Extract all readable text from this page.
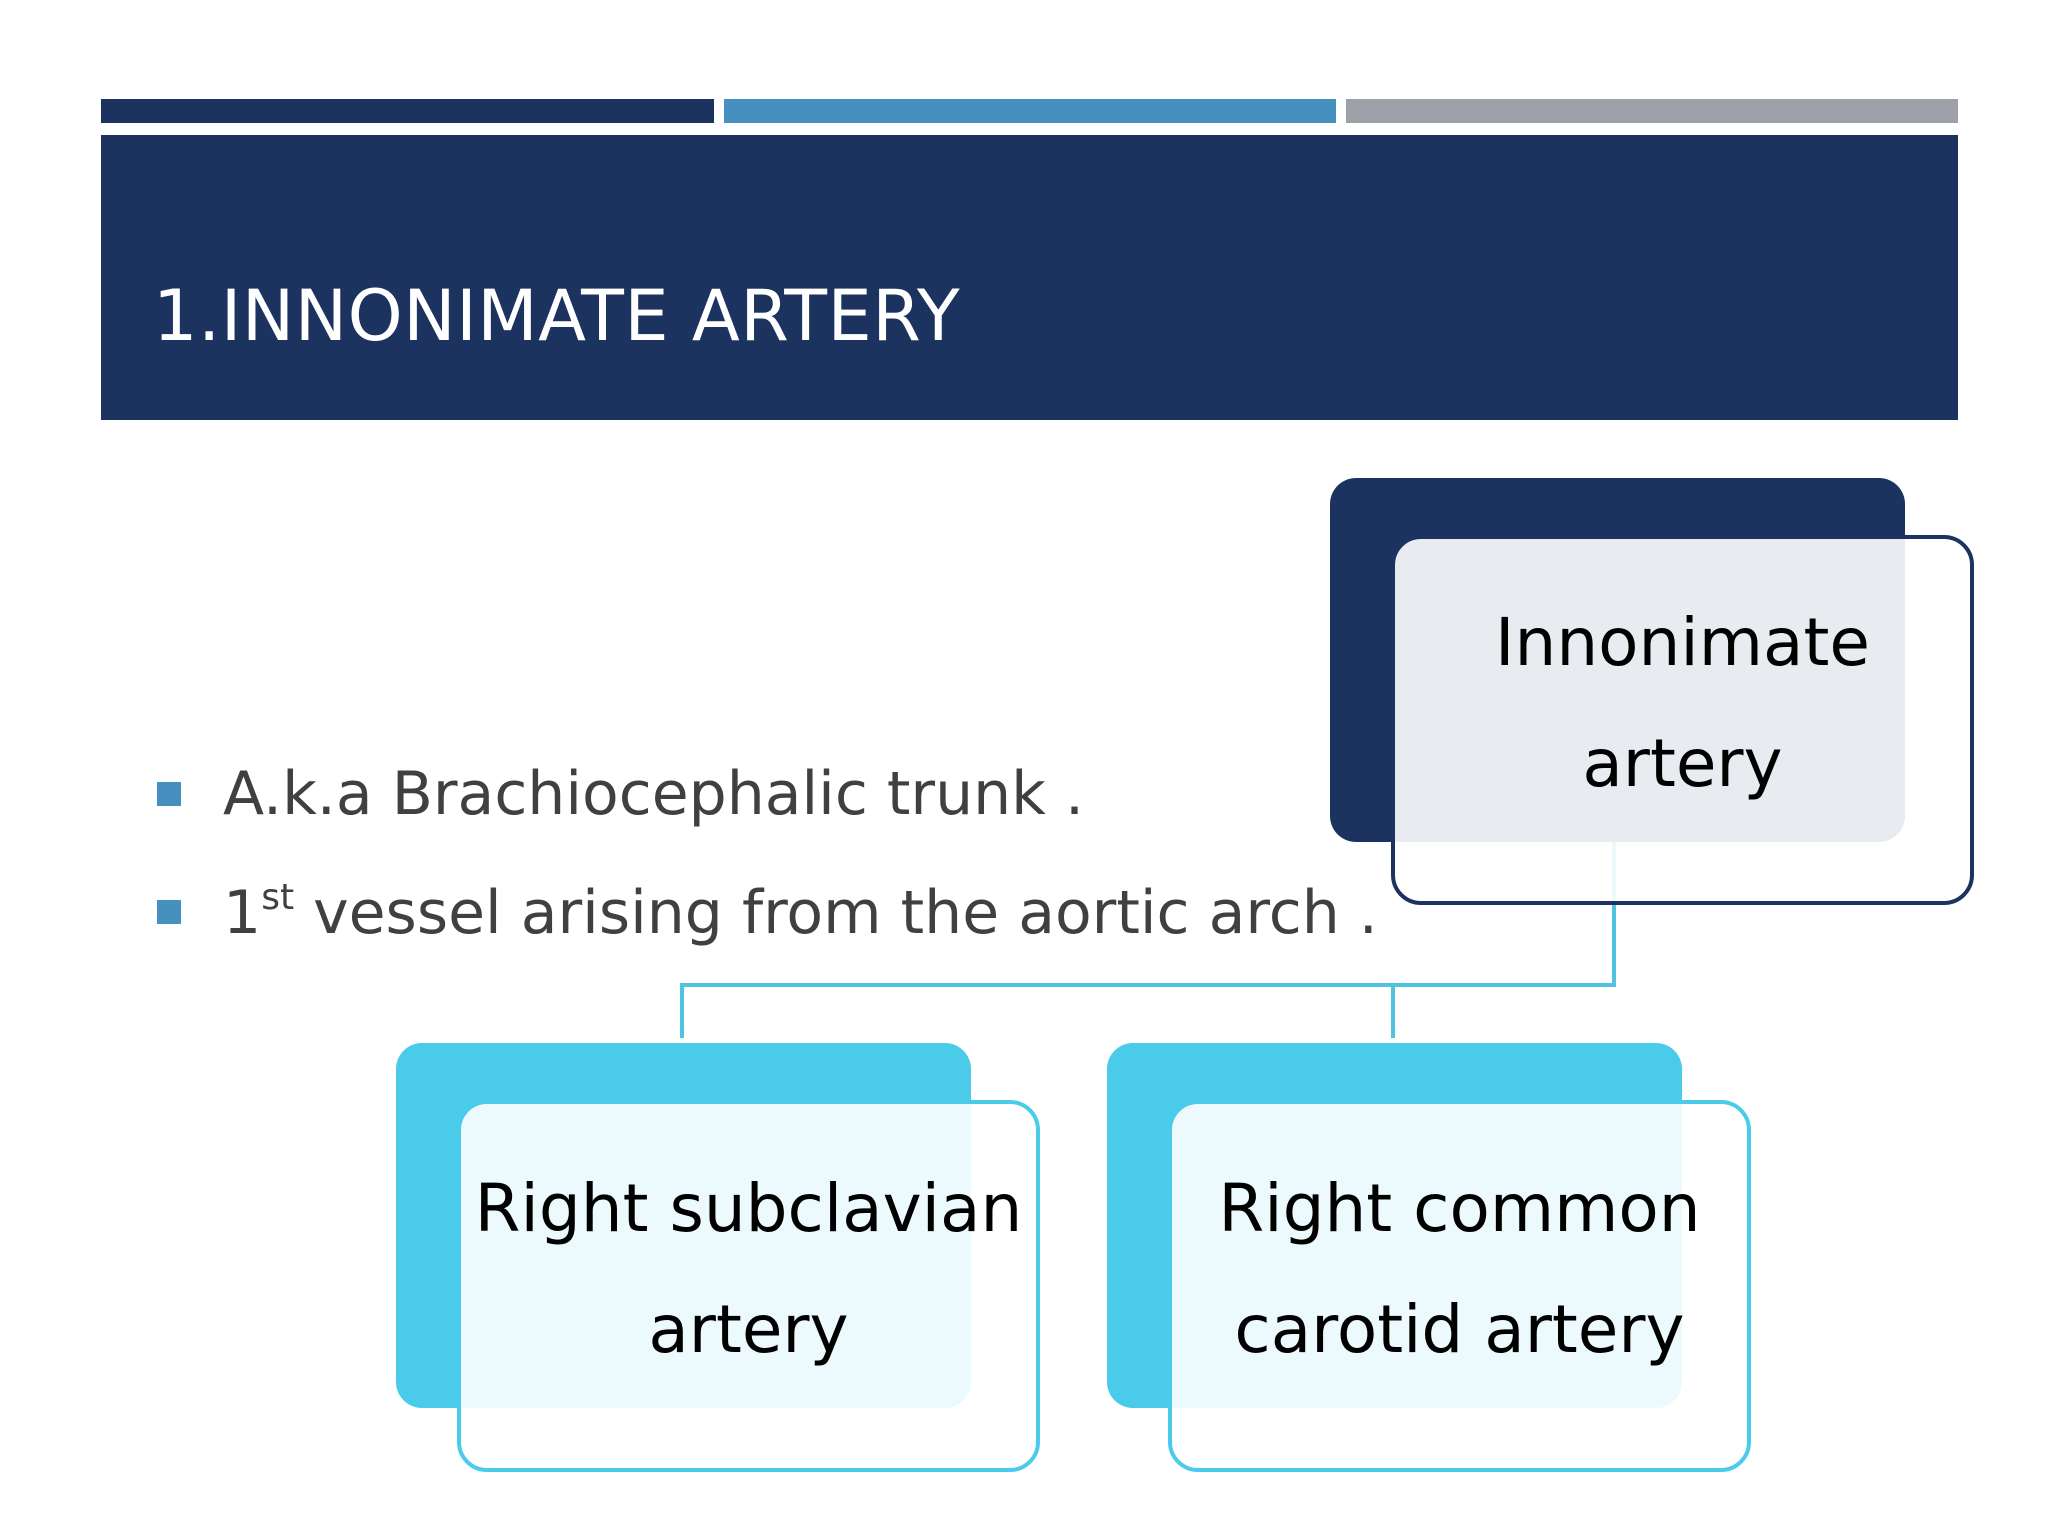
1.INNONIMATE ARTERY
A.k.a Brachiocephalic trunk .
1st vessel arising from the aortic arch .
Innonimate
artery
Right subclavian
artery
Right common
carotid artery
